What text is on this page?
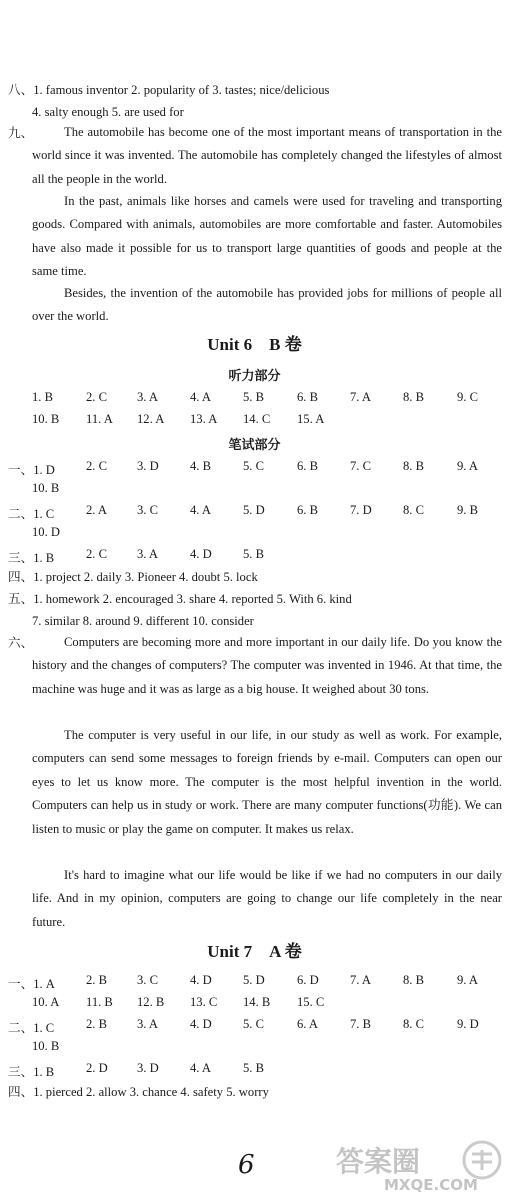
八、1. famous inventor 2. popularity of 3. tastes; nice/delicious
4. salty enough 5. are used for
九、	The automobile has become one of the most important means of transportation in the world since it was invented. The automobile has completely changed the lifestyles of almost all the people in the world.
In the past, animals like horses and camels were used for traveling and transporting goods. Compared with animals, automobiles are more comfortable and faster. Automobiles have also made it possible for us to transport large quantities of goods and people at the same time.
Besides, the invention of the automobile has provided jobs for millions of people all over the world.
Unit 6　B 卷
听力部分
1. B	2. C 3. A	4. A	5. B	6. B	7. A	8. B	9. C
10. B 11. A 12. A 13. A 14. C 15. A
笔试部分
一、1. D 2. C 3. D 4. B	5. C	6. B	7. C	8. B	9. A
10. B
二、1. C	2. A 3. C	4. A	5. D	6. B	7. D 8. C	9. B
10. D
三、1. B	2. C 3. A	4. D 5. B
四、1. project 2. daily 3. Pioneer 4. doubt 5. lock
五、1. homework 2. encouraged 3. share 4. reported 5. With 6. kind
7. similar 8. around 9. different 10. consider
六、	Computers are becoming more and more important in our daily life. Do you know the history and the changes of computers? The computer was invented in 1946. At that time, the machine was huge and it was as large as a big house. It weighed about 30 tons.
The computer is very useful in our life, in our study as well as work. For example, computers can send some messages to foreign friends by e-mail. Computers can open our eyes to let us know more. The computer is the most helpful invention in the world. Computers can help us in study or work. There are many computer functions(功能). We can listen to music or play the game on computer. It makes us relax.
It's hard to imagine what our life would be like if we had no computers in our daily life. And in my opinion, computers are going to change our life completely in the near future.
Unit 7　A 卷
一、1. A 2. B 3. C	4. D 5. D	6. D 7. A	8. B	9. A
10. A 11. B 12. B 13. C 14. B 15. C
二、1. C	2. B 3. A	4. D 5. C	6. A	7. B	8. C	9. D
10. B
三、1. B	2. D 3. D 4. A	5. B
四、1. pierced 2. allow 3. chance 4. safety 5. worry
6	答案圈
MXQE.COM
